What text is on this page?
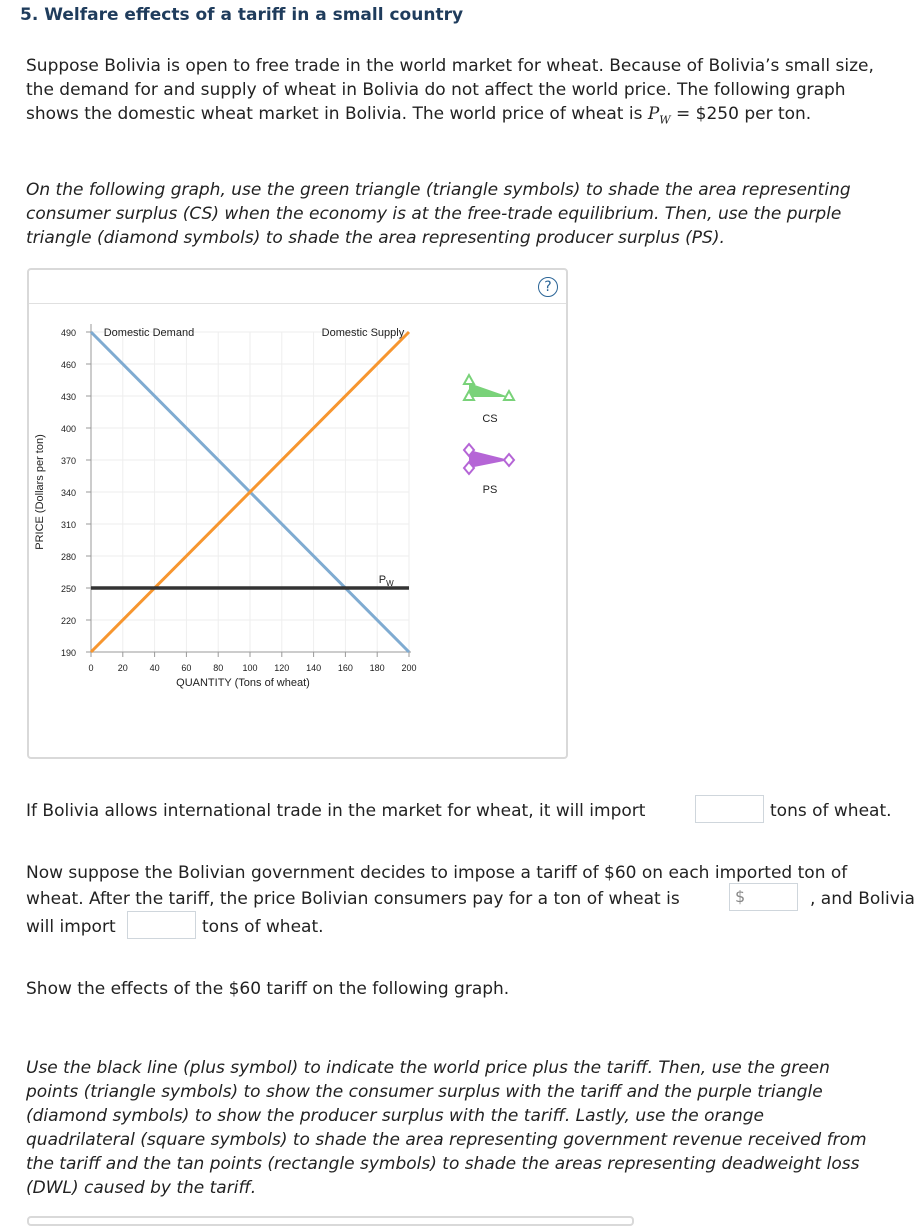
5. Welfare effects of a tariff in a small country
Suppose Bolivia is open to free trade in the world market for wheat. Because of Bolivia’s small size,
the demand for and supply of wheat in Bolivia do not affect the world price. The following graph
shows the domestic wheat market in Bolivia. The world price of wheat is $P_W$ = $250 per ton.
On the following graph, use the green triangle (triangle symbols) to shade the area representing
consumer surplus (CS) when the economy is at the free-trade equilibrium. Then, use the purple
triangle (diamond symbols) to shade the area representing producer surplus (PS).
?
190
220
250
280
310
340
370
400
430
460
490
0	20 40 60 80 100 120 140 160 180 200
QUANTITY (Tons of wheat)
PRICE (Dollars per ton)
Domestic Demand	Domestic Supply
$P_W$
CS
PS
If Bolivia allows international trade in the market for wheat, it will import	tons of wheat.
Now suppose the Bolivian government decides to impose a tariff of $60 on each imported ton of
wheat. After the tariff, the price Bolivian consumers pay for a ton of wheat is	$	, and Bolivia
will import	tons of wheat.
Show the effects of the $60 tariff on the following graph.
Use the black line (plus symbol) to indicate the world price plus the tariff. Then, use the green
points (triangle symbols) to show the consumer surplus with the tariff and the purple triangle
(diamond symbols) to show the producer surplus with the tariff. Lastly, use the orange
quadrilateral (square symbols) to shade the area representing government revenue received from
the tariff and the tan points (rectangle symbols) to shade the areas representing deadweight loss
(DWL) caused by the tariff.
